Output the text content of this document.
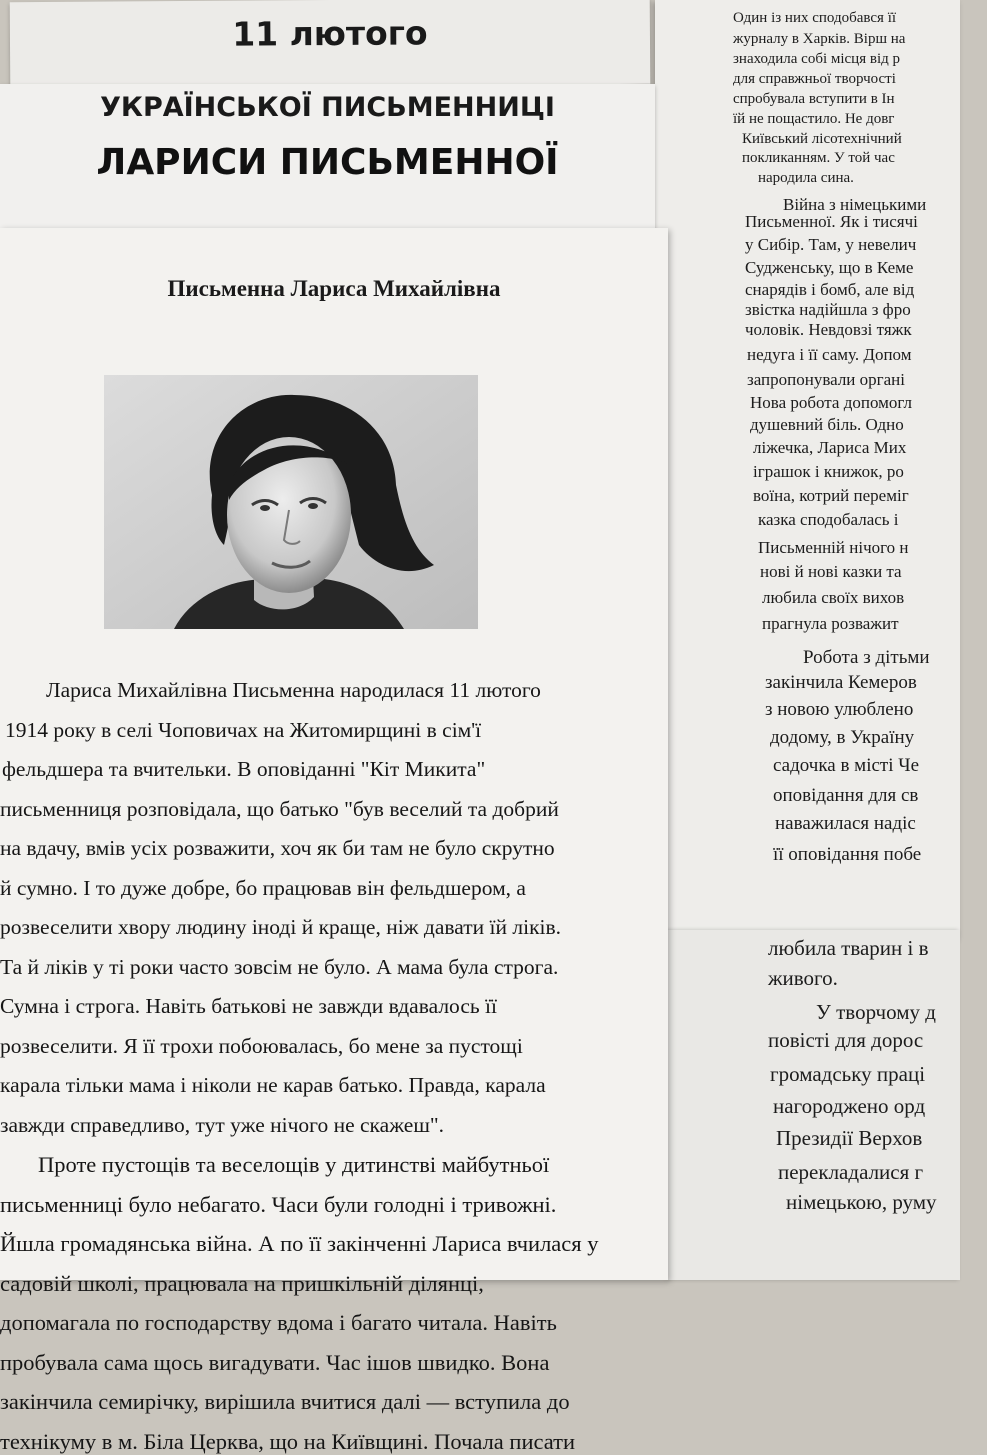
Один із них сподобався її
журналу в Харків. Вірш на
знаходила собі місця від р
для справжньої творчості
спробувала вступити в Ін
їй не пощастило. Не довг
Київський лісотехнічний
покликанням. У той час
народила сина.
Війна з німецькими
Письменної. Як і тисячі
у Сибір. Там, у невелич
Судженську, що в Кеме
снарядів і бомб, але від
звістка надійшла з фро
чоловік. Невдовзі тяжк
недуга і її саму. Допом
запропонували органі
Нова робота допомогл
душевний біль. Одно
ліжечка, Лариса Мих
іграшок і книжок, ро
воїна, котрий переміг
казка сподобалась і
Письменній нічого н
нові й нові казки та
любила своїх вихов
прагнула розважит
Робота з дітьми
закінчила Кемеров
з новою улюблено
додому, в Україну
садочка в місті Че
оповідання для св
наважилася надіс
її оповідання побе
любила тварин і в
живого.
У творчому д
повісті для дорос
громадську праці
нагороджено орд
Президії Верхов
перекладалися г
німецькою, руму
11 лютого
УКРАЇНСЬКОЇ ПИСЬМЕННИЦІ
ЛАРИСИ ПИСЬМЕННОЇ
Письменна Лариса Михайлівна
Лариса Михайлівна Письменна народилася 11 лютого
1914 року в селі Чоповичах на Житомирщині в сім'ї
фельдшера та вчительки. В оповіданні "Кіт Микита"
письменниця розповідала, що батько "був веселий та добрий
на вдачу, вмів усіх розважити, хоч як би там не було скрутно
й сумно. І то дуже добре, бо працював він фельдшером, а
розвеселити хвору людину іноді й краще, ніж давати їй ліків.
Та й ліків у ті роки часто зовсім не було. А мама була строга.
Сумна і строга. Навіть батькові не завжди вдавалось її
розвеселити. Я її трохи побоювалась, бо мене за пустощі
карала тільки мама і ніколи не карав батько. Правда, карала
завжди справедливо, тут уже нічого не скажеш".
Проте пустощів та веселощів у дитинстві майбутньої
письменниці було небагато. Часи були голодні і тривожні.
Йшла громадянська війна. А по її закінченні Лариса вчилася у
садовій школі, працювала на пришкільній ділянці,
допомагала по господарству вдома і багато читала. Навіть
пробувала сама щось вигадувати. Час ішов швидко. Вона
закінчила семирічку, вирішила вчитися далі — вступила до
технікуму в м. Біла Церква, що на Київщині. Почала писати
